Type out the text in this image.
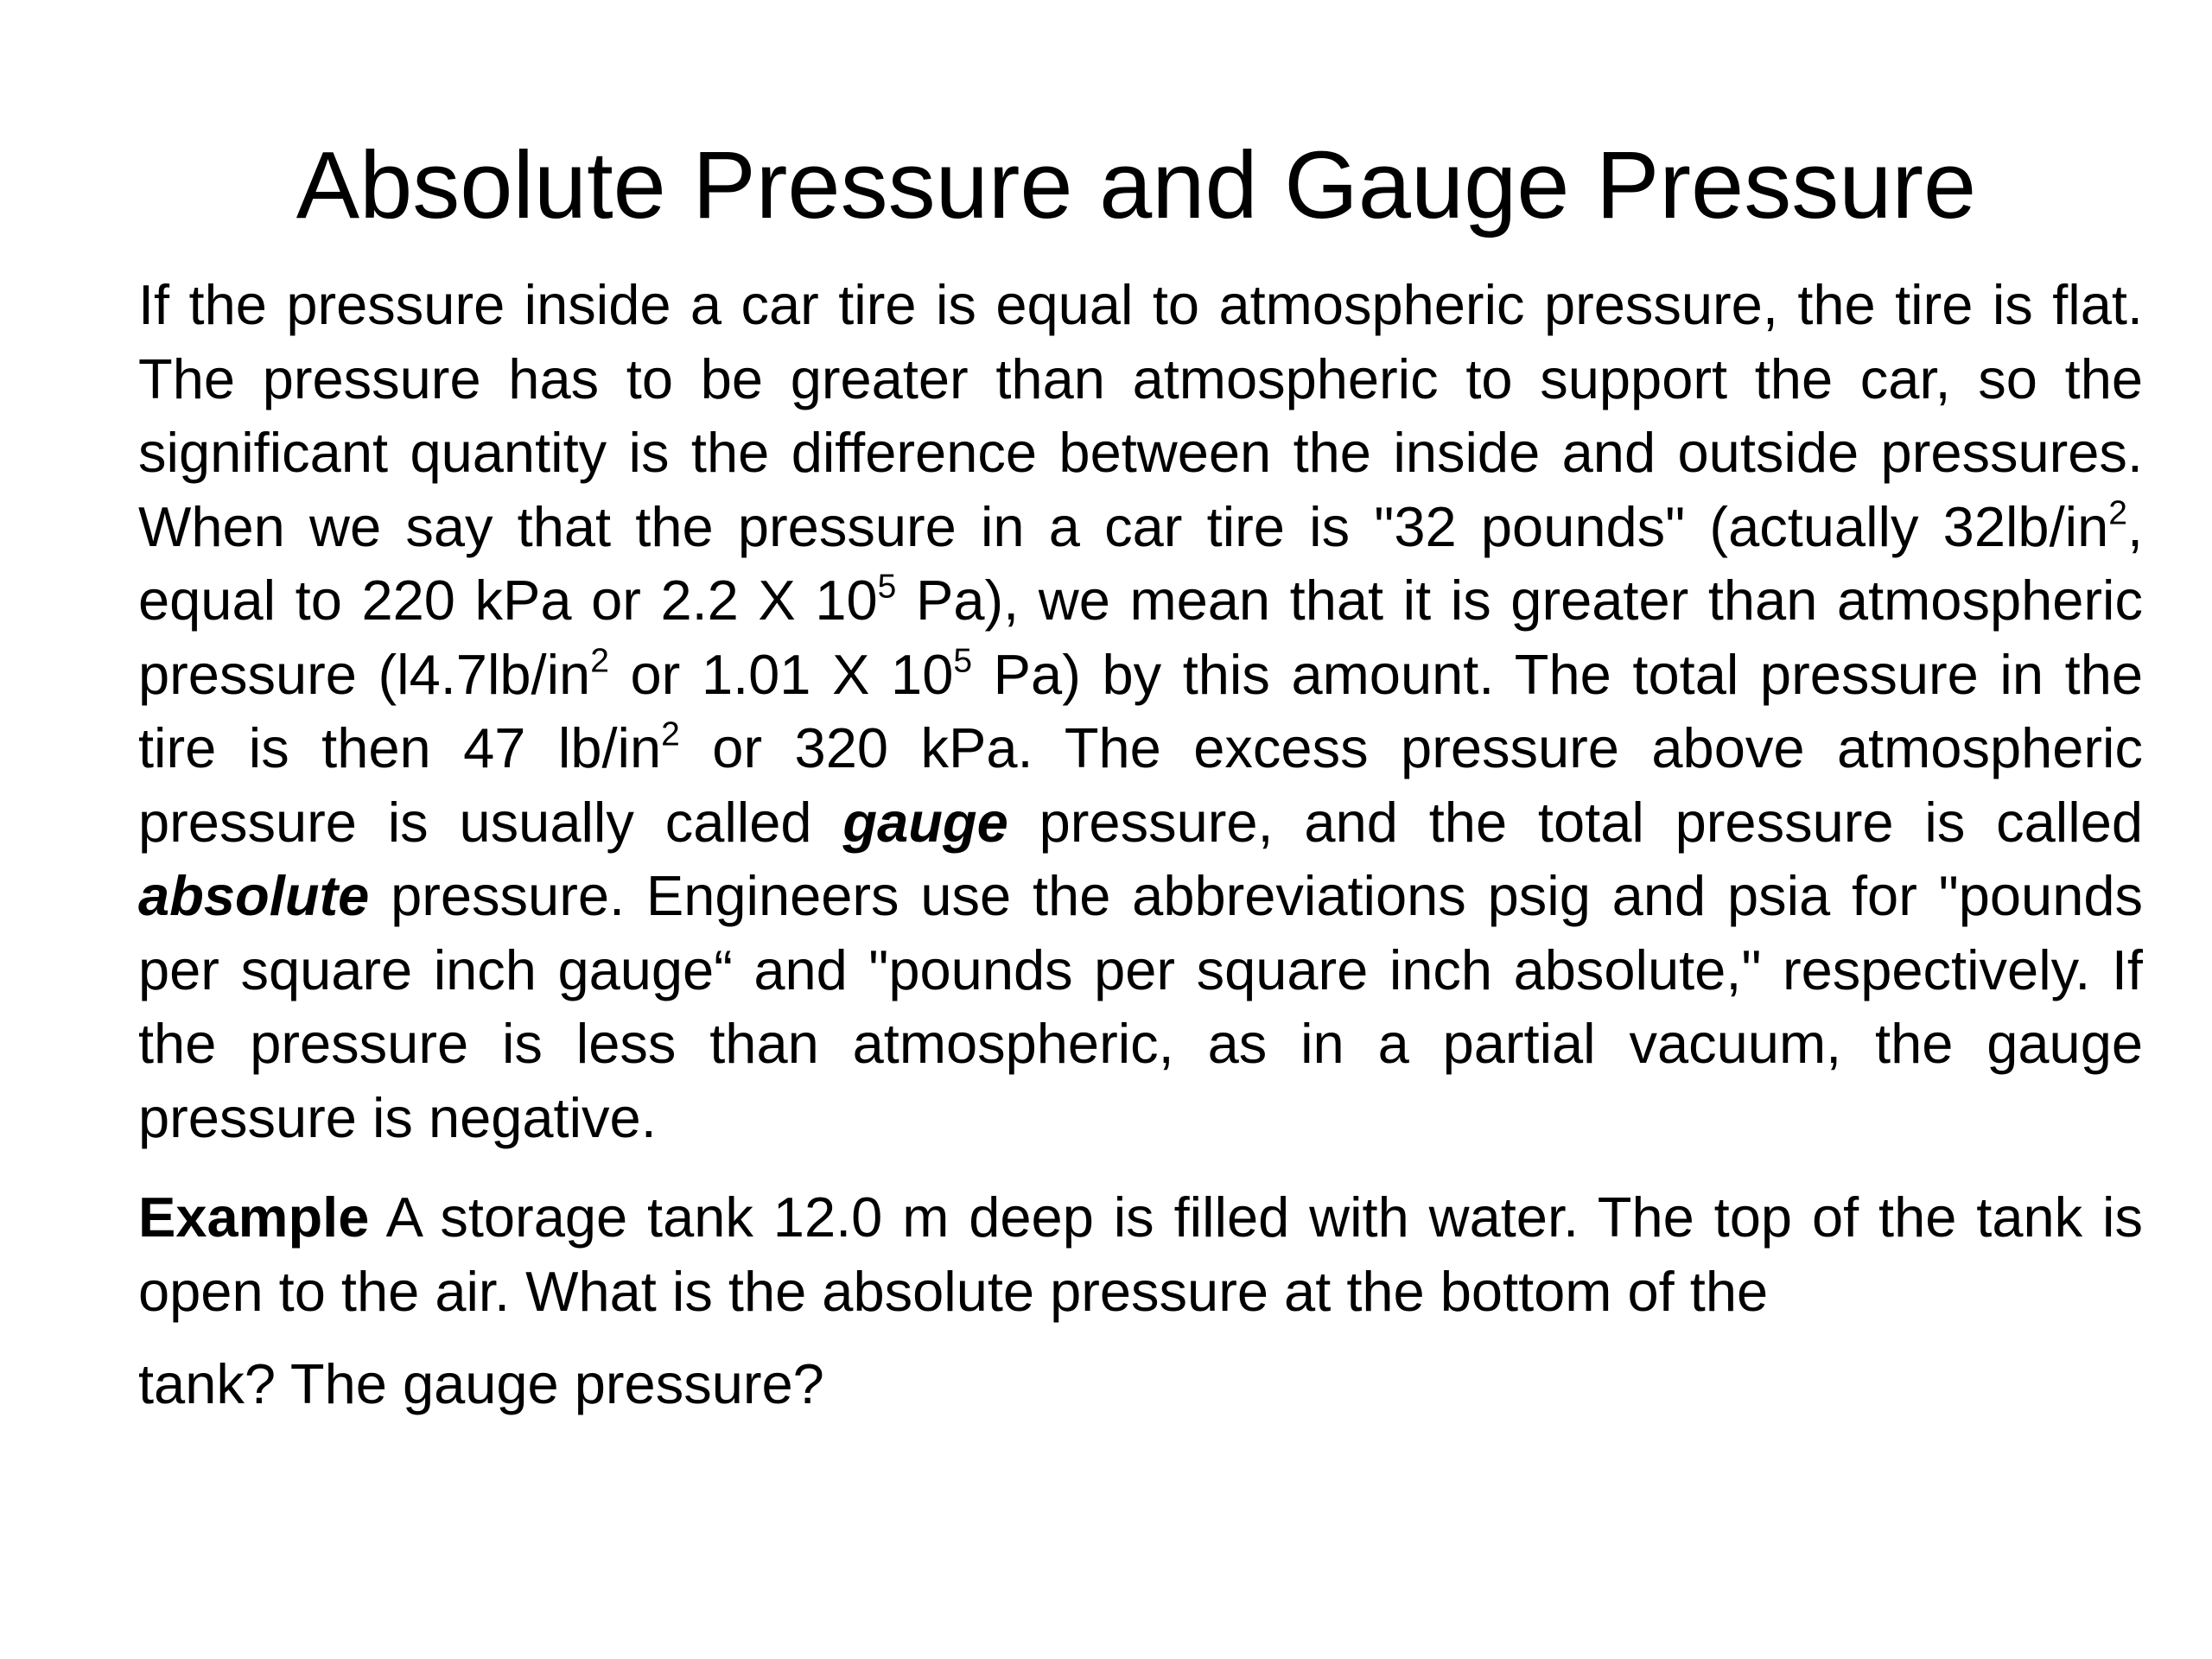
Absolute Pressure and Gauge Pressure

If the pressure inside a car tire is equal to atmospheric pressure, the tire is flat. The pressure has to be greater than atmospheric to support the car, so the significant quantity is the difference between the inside and outside pressures. When we say that the pressure in a car tire is "32 pounds" (actually $32lb/in^2$, equal to 220 kPa or 2.2 X $10^5$ Pa), we mean that it is greater than atmospheric pressure ($l4.7lb/in^2$ or 1.01 X $10^5$ Pa) by this amount. The total pressure in the tire is then 47 $lb/in^2$ or 320 kPa. The excess pressure above atmospheric pressure is usually called gauge pressure, and the total pressure is called absolute pressure. Engineers use the abbreviations psig and psia for "pounds per square inch gauge“ and "pounds per square inch absolute," respectively. If the pressure is less than atmospheric, as in a partial vacuum, the gauge pressure is negative.

Example A storage tank 12.0 m deep is filled with water. The top of the tank is open to the air. What is the absolute pressure at the bottom of the
tank? The gauge pressure?
